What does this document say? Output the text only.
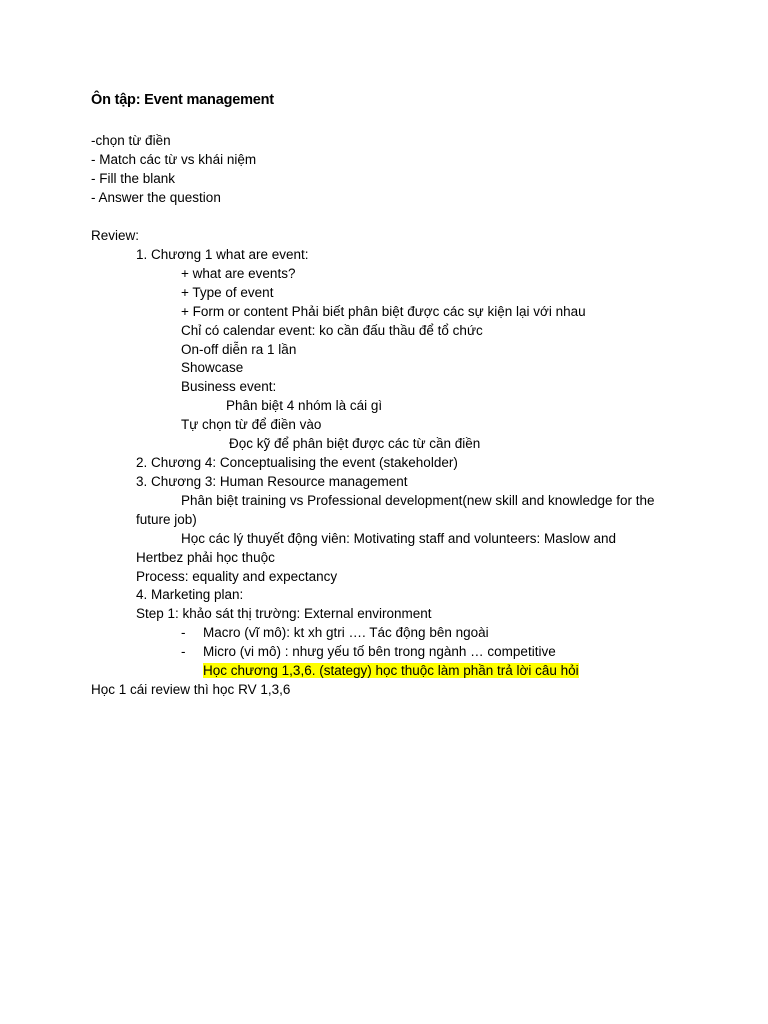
Ôn tập: Event management
-chọn từ điền
- Match các từ vs khái niệm
- Fill the blank
- Answer the question
Review:
1. Chương 1 what are event:
+ what are events?
+ Type of event
+ Form or content Phải biết phân biệt được các sự kiện lại với nhau
Chỉ có calendar event: ko cần đấu thầu để tổ chức
On-off diễn ra 1 lần
Showcase
Business event:
Phân biệt 4 nhóm là cái gì
Tự chọn từ để điền vào
Đọc kỹ để phân biệt được các từ cần điền
2. Chương 4: Conceptualising the event (stakeholder)
3. Chương 3: Human Resource management
Phân biệt training vs Professional development(new skill and knowledge for the
future job)
Học các lý thuyết động viên: Motivating staff and volunteers: Maslow and
Hertbez phải học thuộc
Process: equality and expectancy
4. Marketing plan:
Step 1: khảo sát thị trường: External environment
- Macro (vĩ mô): kt xh gtri …. Tác động bên ngoài
- Micro (vi mô) : nhưg yếu tố bên trong ngành … competitive
Học chương 1,3,6. (stategy) học thuộc làm phần trả lời câu hỏi
Học 1 cái review thì học RV 1,3,6
